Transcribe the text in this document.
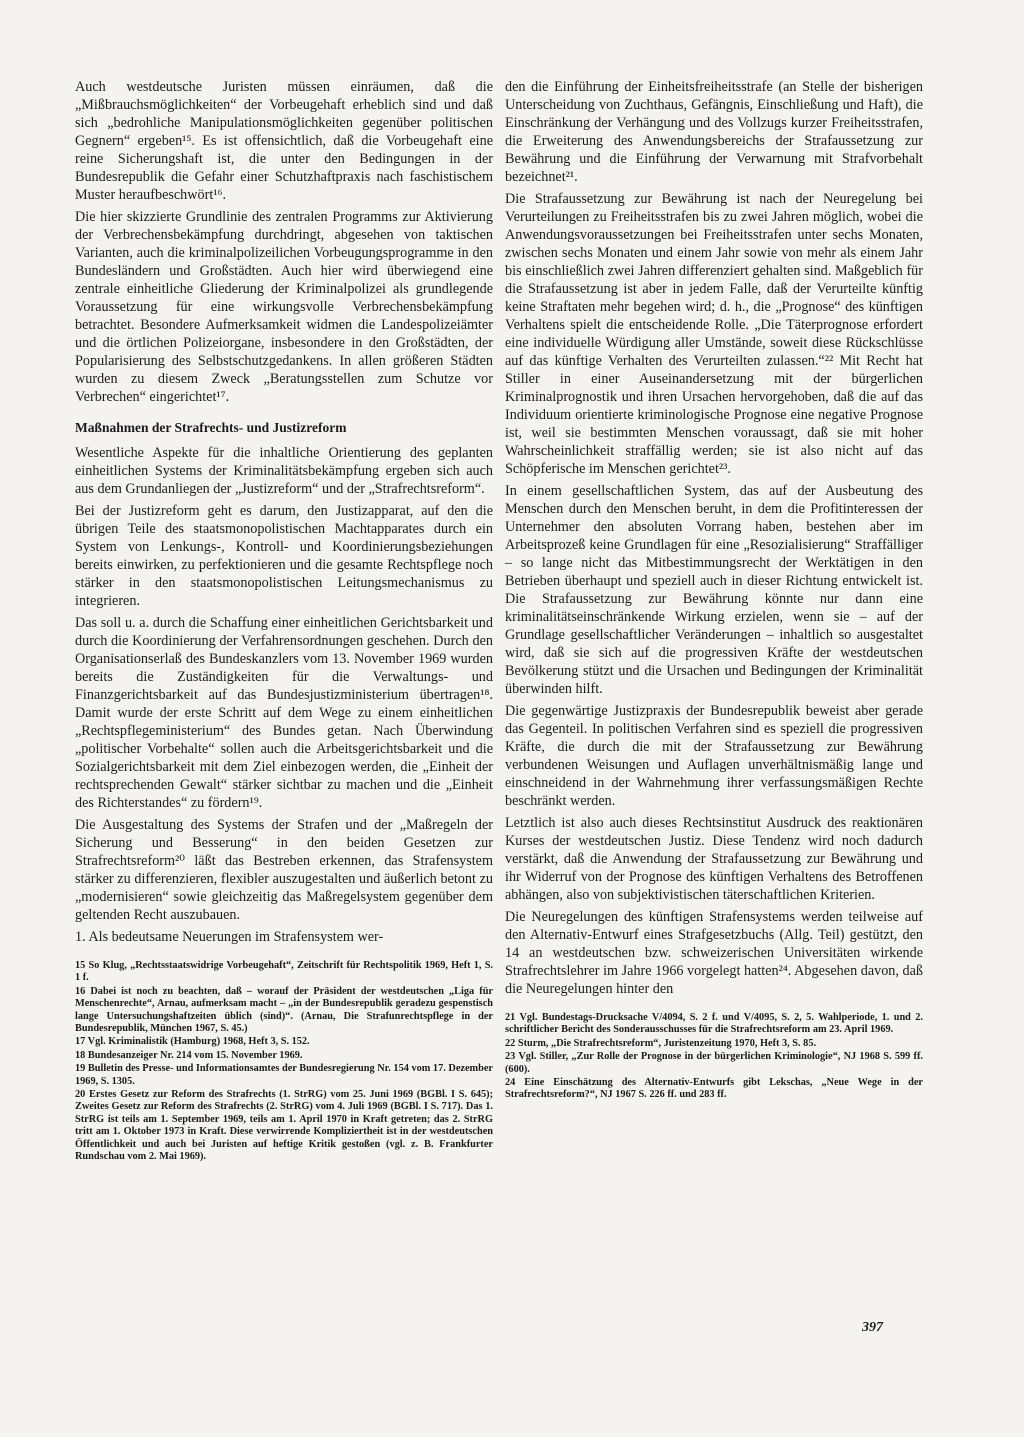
Auch westdeutsche Juristen müssen einräumen, daß die „Mißbrauchsmöglichkeiten“ der Vorbeugehaft erheblich sind und daß sich „bedrohliche Manipulationsmöglichkeiten gegenüber politischen Gegnern“ ergeben¹⁵. Es ist offensichtlich, daß die Vorbeugehaft eine reine Sicherungshaft ist, die unter den Bedingungen in der Bundesrepublik die Gefahr einer Schutzhaftpraxis nach faschistischem Muster heraufbeschwört¹⁶.

Die hier skizzierte Grundlinie des zentralen Programms zur Aktivierung der Verbrechensbekämpfung durchdringt, abgesehen von taktischen Varianten, auch die kriminalpolizeilichen Vorbeugungsprogramme in den Bundesländern und Großstädten. Auch hier wird überwiegend eine zentrale einheitliche Gliederung der Kriminalpolizei als grundlegende Voraussetzung für eine wirkungsvolle Verbrechensbekämpfung betrachtet. Besondere Aufmerksamkeit widmen die Landespolizeiämter und die örtlichen Polizeiorgane, insbesondere in den Großstädten, der Popularisierung des Selbstschutzgedankens. In allen größeren Städten wurden zu diesem Zweck „Beratungsstellen zum Schutze vor Verbrechen“ eingerichtet¹⁷.

Maßnahmen der Strafrechts- und Justizreform

Wesentliche Aspekte für die inhaltliche Orientierung des geplanten einheitlichen Systems der Kriminalitätsbekämpfung ergeben sich auch aus dem Grundanliegen der „Justizreform“ und der „Strafrechtsreform“.

Bei der Justizreform geht es darum, den Justizapparat, auf den die übrigen Teile des staatsmonopolistischen Machtapparates durch ein System von Lenkungs-, Kontroll- und Koordinierungsbeziehungen bereits einwirken, zu perfektionieren und die gesamte Rechtspflege noch stärker in den staatsmonopolistischen Leitungsmechanismus zu integrieren.

Das soll u. a. durch die Schaffung einer einheitlichen Gerichtsbarkeit und durch die Koordinierung der Verfahrensordnungen geschehen. Durch den Organisationserlaß des Bundeskanzlers vom 13. November 1969 wurden bereits die Zuständigkeiten für die Verwaltungs- und Finanzgerichtsbarkeit auf das Bundesjustizministerium übertragen¹⁸. Damit wurde der erste Schritt auf dem Wege zu einem einheitlichen „Rechtspflegeministerium“ des Bundes getan. Nach Überwindung „politischer Vorbehalte“ sollen auch die Arbeitsgerichtsbarkeit und die Sozialgerichtsbarkeit mit dem Ziel einbezogen werden, die „Einheit der rechtsprechenden Gewalt“ stärker sichtbar zu machen und die „Einheit des Richterstandes“ zu fördern¹⁹.

Die Ausgestaltung des Systems der Strafen und der „Maßregeln der Sicherung und Besserung“ in den beiden Gesetzen zur Strafrechtsreform²⁰ läßt das Bestreben erkennen, das Strafensystem stärker zu differenzieren, flexibler auszugestalten und äußerlich betont zu „modernisieren“ sowie gleichzeitig das Maßregelsystem gegenüber dem geltenden Recht auszubauen.

1. Als bedeutsame Neuerungen im Strafensystem wer-

15 So Klug, „Rechtsstaatswidrige Vorbeugehaft“, Zeitschrift für Rechtspolitik 1969, Heft 1, S. 1 f.

16 Dabei ist noch zu beachten, daß – worauf der Präsident der westdeutschen „Liga für Menschenrechte“, Arnau, aufmerksam macht – „in der Bundesrepublik geradezu gespenstisch lange Untersuchungshaftzeiten üblich (sind)“. (Arnau, Die Strafunrechtspflege in der Bundesrepublik, München 1967, S. 45.)

17 Vgl. Kriminalistik (Hamburg) 1968, Heft 3, S. 152.

18 Bundesanzeiger Nr. 214 vom 15. November 1969.

19 Bulletin des Presse- und Informationsamtes der Bundesregierung Nr. 154 vom 17. Dezember 1969, S. 1305.

20 Erstes Gesetz zur Reform des Strafrechts (1. StrRG) vom 25. Juni 1969 (BGBl. I S. 645); Zweites Gesetz zur Reform des Strafrechts (2. StrRG) vom 4. Juli 1969 (BGBl. I S. 717). Das 1. StrRG ist teils am 1. September 1969, teils am 1. April 1970 in Kraft getreten; das 2. StrRG tritt am 1. Oktober 1973 in Kraft. Diese verwirrende Kompliziertheit ist in der westdeutschen Öffentlichkeit und auch bei Juristen auf heftige Kritik gestoßen (vgl. z. B. Frankfurter Rundschau vom 2. Mai 1969).

den die Einführung der Einheitsfreiheitsstrafe (an Stelle der bisherigen Unterscheidung von Zuchthaus, Gefängnis, Einschließung und Haft), die Einschränkung der Verhängung und des Vollzugs kurzer Freiheitsstrafen, die Erweiterung des Anwendungsbereichs der Strafaussetzung zur Bewährung und die Einführung der Verwarnung mit Strafvorbehalt bezeichnet²¹.

Die Strafaussetzung zur Bewährung ist nach der Neuregelung bei Verurteilungen zu Freiheitsstrafen bis zu zwei Jahren möglich, wobei die Anwendungsvoraussetzungen bei Freiheitsstrafen unter sechs Monaten, zwischen sechs Monaten und einem Jahr sowie von mehr als einem Jahr bis einschließlich zwei Jahren differenziert gehalten sind. Maßgeblich für die Strafaussetzung ist aber in jedem Falle, daß der Verurteilte künftig keine Straftaten mehr begehen wird; d. h., die „Prognose“ des künftigen Verhaltens spielt die entscheidende Rolle. „Die Täterprognose erfordert eine individuelle Würdigung aller Umstände, soweit diese Rückschlüsse auf das künftige Verhalten des Verurteilten zulassen.“²² Mit Recht hat Stiller in einer Auseinandersetzung mit der bürgerlichen Kriminalprognostik und ihren Ursachen hervorgehoben, daß die auf das Individuum orientierte kriminologische Prognose eine negative Prognose ist, weil sie bestimmten Menschen voraussagt, daß sie mit hoher Wahrscheinlichkeit straffällig werden; sie ist also nicht auf das Schöpferische im Menschen gerichtet²³.

In einem gesellschaftlichen System, das auf der Ausbeutung des Menschen durch den Menschen beruht, in dem die Profitinteressen der Unternehmer den absoluten Vorrang haben, bestehen aber im Arbeitsprozeß keine Grundlagen für eine „Resozialisierung“ Straffälliger – so lange nicht das Mitbestimmungsrecht der Werktätigen in den Betrieben überhaupt und speziell auch in dieser Richtung entwickelt ist. Die Strafaussetzung zur Bewährung könnte nur dann eine kriminalitätseinschränkende Wirkung erzielen, wenn sie – auf der Grundlage gesellschaftlicher Veränderungen – inhaltlich so ausgestaltet wird, daß sie sich auf die progressiven Kräfte der westdeutschen Bevölkerung stützt und die Ursachen und Bedingungen der Kriminalität überwinden hilft.

Die gegenwärtige Justizpraxis der Bundesrepublik beweist aber gerade das Gegenteil. In politischen Verfahren sind es speziell die progressiven Kräfte, die durch die mit der Strafaussetzung zur Bewährung verbundenen Weisungen und Auflagen unverhältnismäßig lange und einschneidend in der Wahrnehmung ihrer verfassungsmäßigen Rechte beschränkt werden.

Letztlich ist also auch dieses Rechtsinstitut Ausdruck des reaktionären Kurses der westdeutschen Justiz. Diese Tendenz wird noch dadurch verstärkt, daß die Anwendung der Strafaussetzung zur Bewährung und ihr Widerruf von der Prognose des künftigen Verhaltens des Betroffenen abhängen, also von subjektivistischen täterschaftlichen Kriterien.

Die Neuregelungen des künftigen Strafensystems werden teilweise auf den Alternativ-Entwurf eines Strafgesetzbuchs (Allg. Teil) gestützt, den 14 an westdeutschen bzw. schweizerischen Universitäten wirkende Strafrechtslehrer im Jahre 1966 vorgelegt hatten²⁴. Abgesehen davon, daß die Neuregelungen hinter den

21 Vgl. Bundestags-Drucksache V/4094, S. 2 f. und V/4095, S. 2, 5. Wahlperiode, 1. und 2. schriftlicher Bericht des Sonderausschusses für die Strafrechtsreform am 23. April 1969.

22 Sturm, „Die Strafrechtsreform“, Juristenzeitung 1970, Heft 3, S. 85.

23 Vgl. Stiller, „Zur Rolle der Prognose in der bürgerlichen Kriminologie“, NJ 1968 S. 599 ff. (600).

24 Eine Einschätzung des Alternativ-Entwurfs gibt Lekschas, „Neue Wege in der Strafrechtsreform?“, NJ 1967 S. 226 ff. und 283 ff.

397
